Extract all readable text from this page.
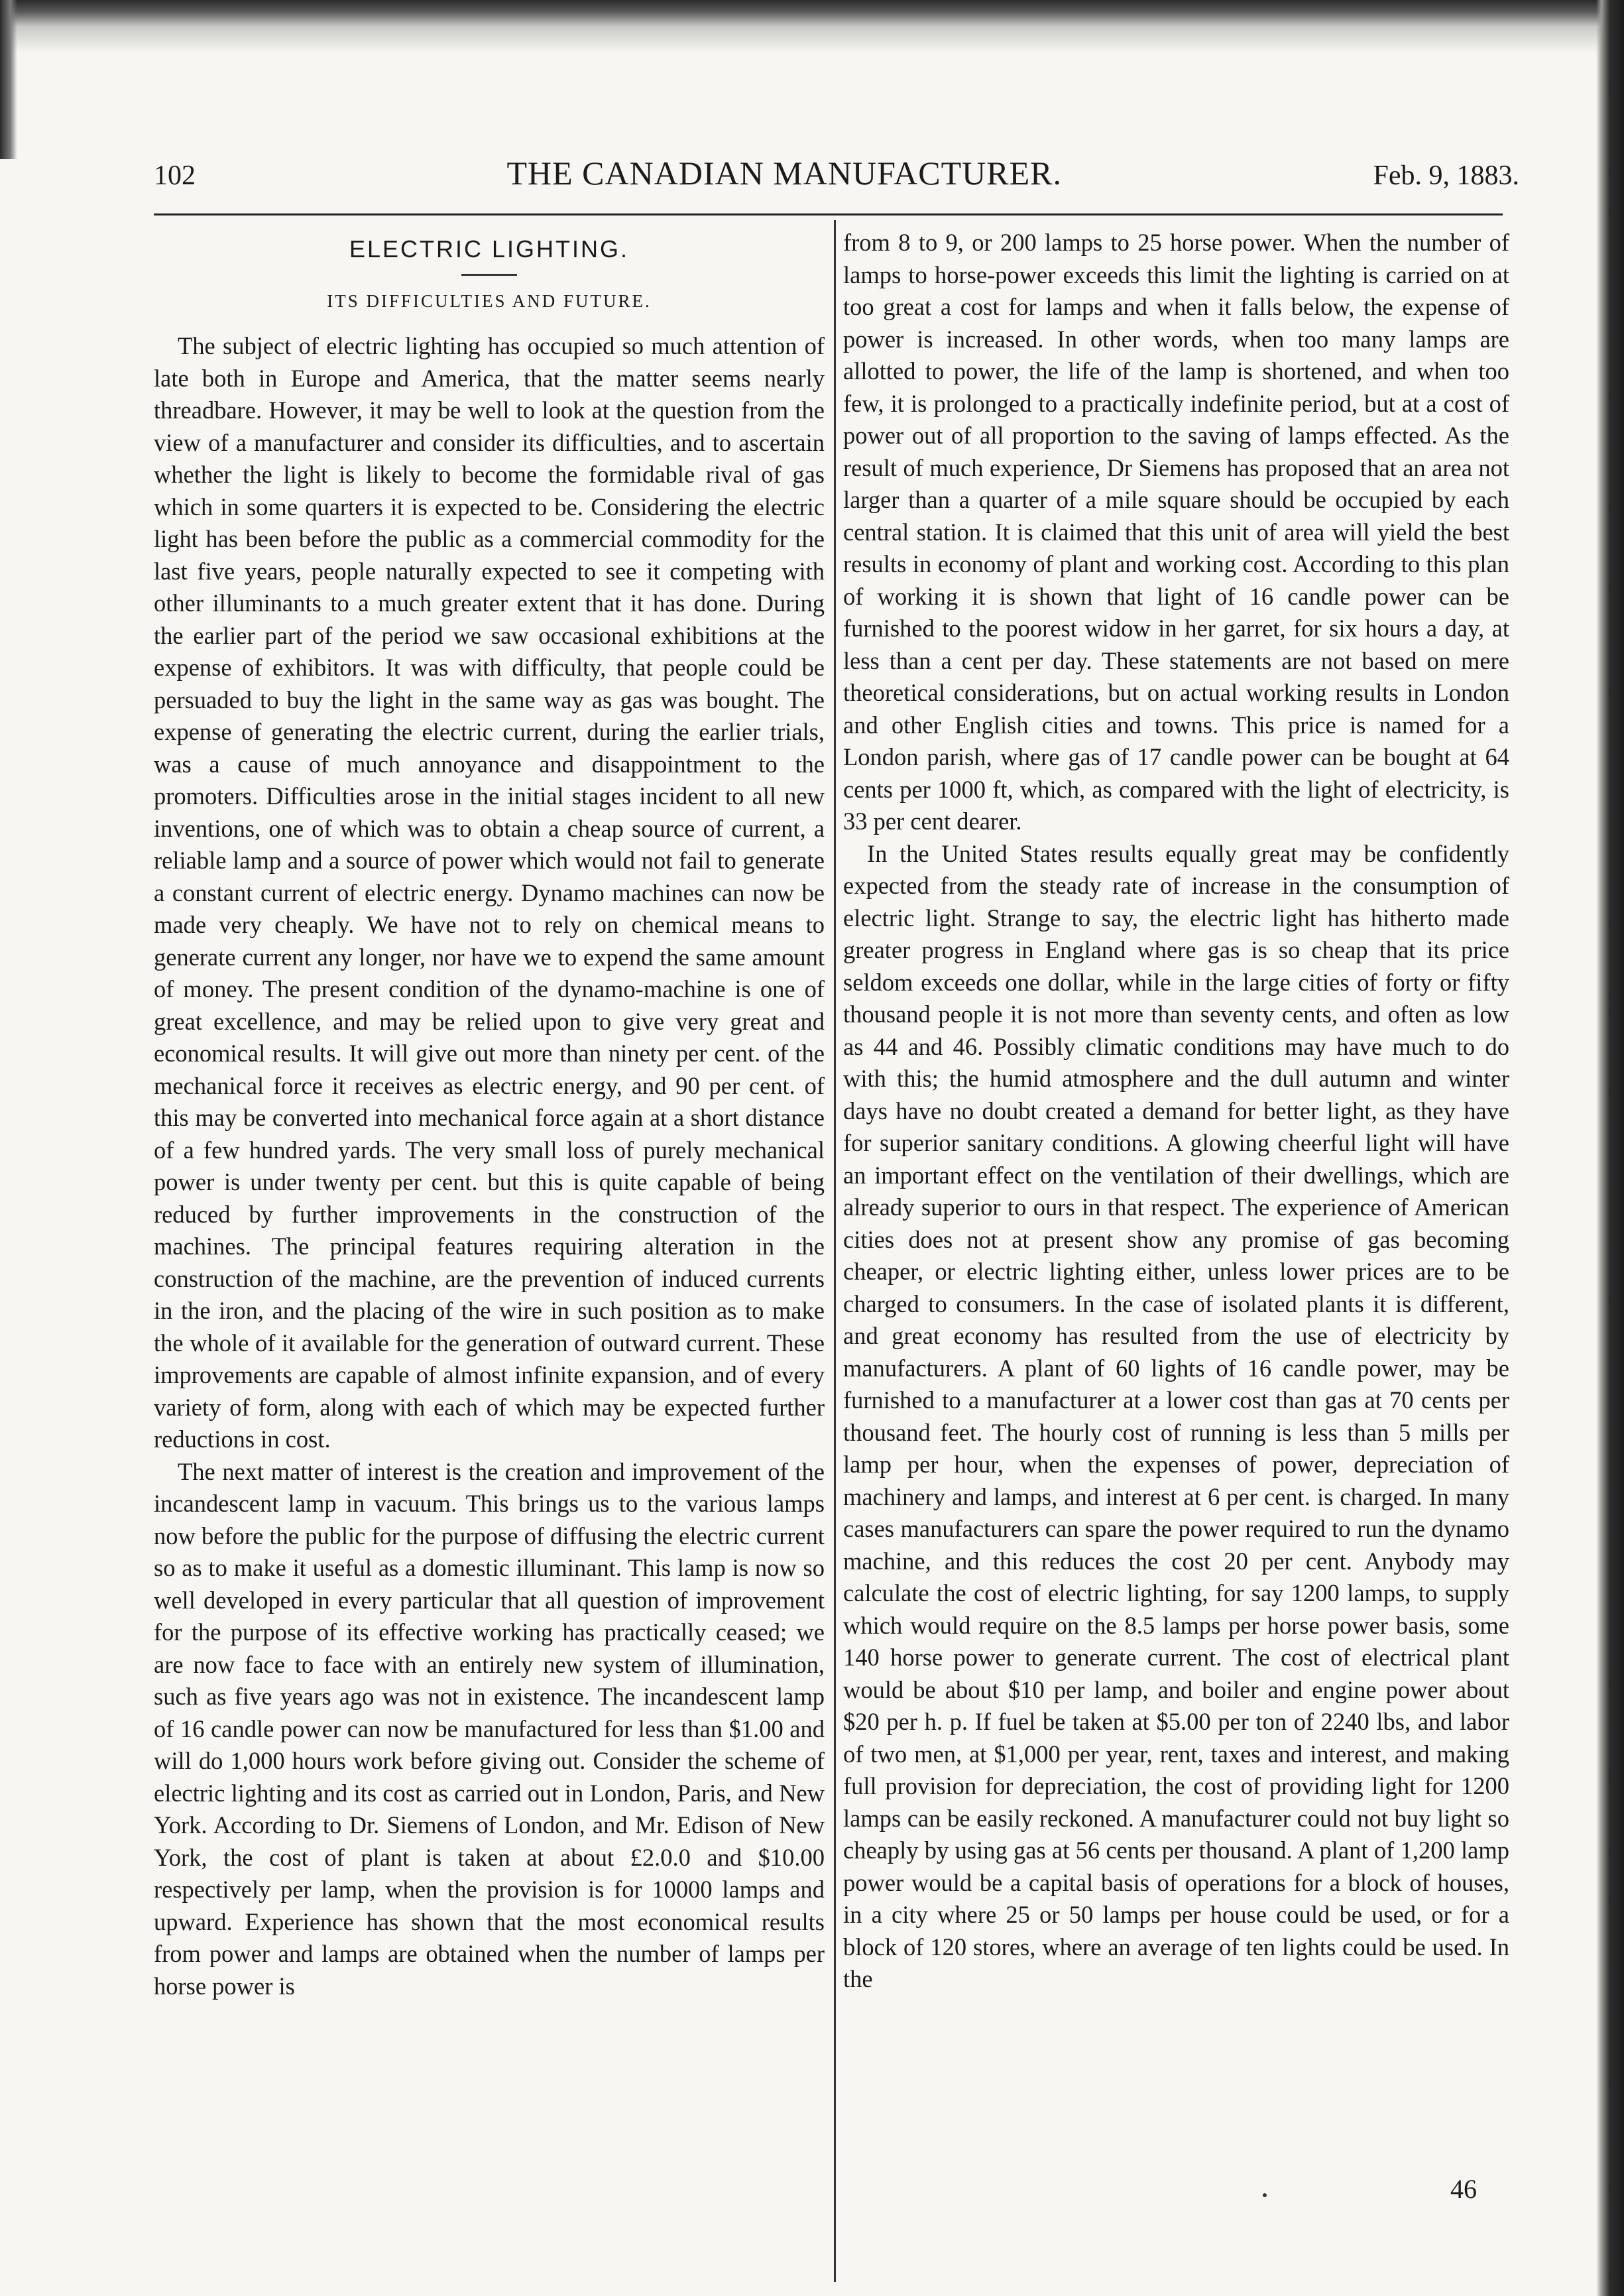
102	THE CANADIAN MANUFACTURER.	Feb. 9, 1883.
ELECTRIC LIGHTING.
ITS DIFFICULTIES AND FUTURE.

The subject of electric lighting has occupied so much attention of late both in Europe and America, that the matter seems nearly threadbare. However, it may be well to look at the question from the view of a manufacturer and consider its difficulties, and to ascertain whether the light is likely to become the formidable rival of gas which in some quarters it is expected to be. Considering the electric light has been before the public as a commercial commodity for the last five years, people naturally expected to see it competing with other illuminants to a much greater extent that it has done. During the earlier part of the period we saw occasional exhibitions at the expense of exhibitors. It was with difficulty, that people could be persuaded to buy the light in the same way as gas was bought. The expense of generating the electric current, during the earlier trials, was a cause of much annoyance and disappointment to the promoters. Difficulties arose in the initial stages incident to all new inventions, one of which was to obtain a cheap source of current, a reliable lamp and a source of power which would not fail to generate a constant current of electric energy. Dynamo machines can now be made very cheaply. We have not to rely on chemical means to generate current any longer, nor have we to expend the same amount of money. The present condition of the dynamo-machine is one of great excellence, and may be relied upon to give very great and economical results. It will give out more than ninety per cent. of the mechanical force it receives as electric energy, and 90 per cent. of this may be converted into mechanical force again at a short distance of a few hundred yards. The very small loss of purely mechanical power is under twenty per cent. but this is quite capable of being reduced by further improvements in the construction of the machines. The principal features requiring alteration in the construction of the machine, are the prevention of induced currents in the iron, and the placing of the wire in such position as to make the whole of it available for the generation of outward current. These improvements are capable of almost infinite expansion, and of every variety of form, along with each of which may be expected further reductions in cost.

The next matter of interest is the creation and improvement of the incandescent lamp in vacuum. This brings us to the various lamps now before the public for the purpose of diffusing the electric current so as to make it useful as a domestic illuminant. This lamp is now so well developed in every particular that all question of improvement for the purpose of its effective working has practically ceased; we are now face to face with an entirely new system of illumination, such as five years ago was not in existence. The incandescent lamp of 16 candle power can now be manufactured for less than $1.00 and will do 1,000 hours work before giving out. Consider the scheme of electric lighting and its cost as carried out in London, Paris, and New York. According to Dr. Siemens of London, and Mr. Edison of New York, the cost of plant is taken at about £2.0.0 and $10.00 respectively per lamp, when the provision is for 10000 lamps and upward. Experience has shown that the most economical results from power and lamps are obtained when the number of lamps per horse power is

from 8 to 9, or 200 lamps to 25 horse power. When the number of lamps to horse-power exceeds this limit the lighting is carried on at too great a cost for lamps and when it falls below, the expense of power is increased. In other words, when too many lamps are allotted to power, the life of the lamp is shortened, and when too few, it is prolonged to a practically indefinite period, but at a cost of power out of all proportion to the saving of lamps effected. As the result of much experience, Dr Siemens has proposed that an area not larger than a quarter of a mile square should be occupied by each central station. It is claimed that this unit of area will yield the best results in economy of plant and working cost. According to this plan of working it is shown that light of 16 candle power can be furnished to the poorest widow in her garret, for six hours a day, at less than a cent per day. These statements are not based on mere theoretical considerations, but on actual working results in London and other English cities and towns. This price is named for a London parish, where gas of 17 candle power can be bought at 64 cents per 1000 ft, which, as compared with the light of electricity, is 33 per cent dearer.

In the United States results equally great may be confidently expected from the steady rate of increase in the consumption of electric light. Strange to say, the electric light has hitherto made greater progress in England where gas is so cheap that its price seldom exceeds one dollar, while in the large cities of forty or fifty thousand people it is not more than seventy cents, and often as low as 44 and 46. Possibly climatic conditions may have much to do with this; the humid atmosphere and the dull autumn and winter days have no doubt created a demand for better light, as they have for superior sanitary conditions. A glowing cheerful light will have an important effect on the ventilation of their dwellings, which are already superior to ours in that respect. The experience of American cities does not at present show any promise of gas becoming cheaper, or electric lighting either, unless lower prices are to be charged to consumers. In the case of isolated plants it is different, and great economy has resulted from the use of electricity by manufacturers. A plant of 60 lights of 16 candle power, may be furnished to a manufacturer at a lower cost than gas at 70 cents per thousand feet. The hourly cost of running is less than 5 mills per lamp per hour, when the expenses of power, depreciation of machinery and lamps, and interest at 6 per cent. is charged. In many cases manufacturers can spare the power required to run the dynamo machine, and this reduces the cost 20 per cent. Anybody may calculate the cost of electric lighting, for say 1200 lamps, to supply which would require on the 8.5 lamps per horse power basis, some 140 horse power to generate current. The cost of electrical plant would be about $10 per lamp, and boiler and engine power about $20 per h. p. If fuel be taken at $5.00 per ton of 2240 lbs, and labor of two men, at $1,000 per year, rent, taxes and interest, and making full provision for depreciation, the cost of providing light for 1200 lamps can be easily reckoned. A manufacturer could not buy light so cheaply by using gas at 56 cents per thousand. A plant of 1,200 lamp power would be a capital basis of operations for a block of houses, in a city where 25 or 50 lamps per house could be used, or for a block of 120 stores, where an average of ten lights could be used. In the

46
